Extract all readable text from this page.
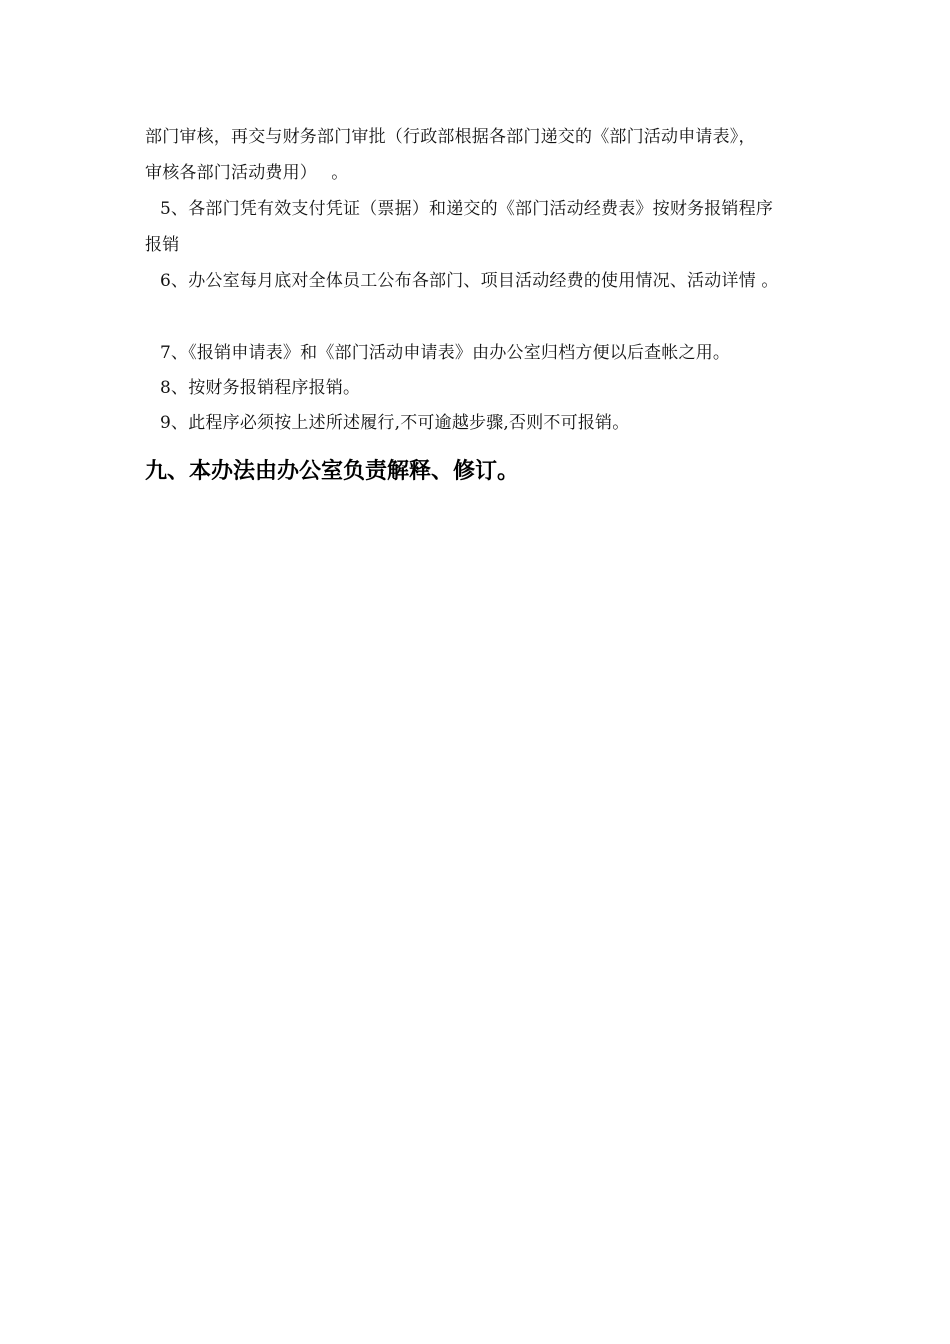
部门审核，再交与财务部门审批（行政部根据各部门递交的《部门活动申请表》，
审核各部门活动费用）　 。
5、各部门凭有效支付凭证（票据）和递交的《部门活动经费表》按财务报销程序
报销
6、办公室每月底对全体员工公布各部门、项目活动经费的使用情况、活动详情 。
7、《报销申请表》和《部门活动申请表》由办公室归档方便以后查帐之用。
8、按财务报销程序报销。
9、此程序必须按上述所述履行,不可逾越步骤,否则不可报销。
九、本办法由办公室负责解释、修订。
